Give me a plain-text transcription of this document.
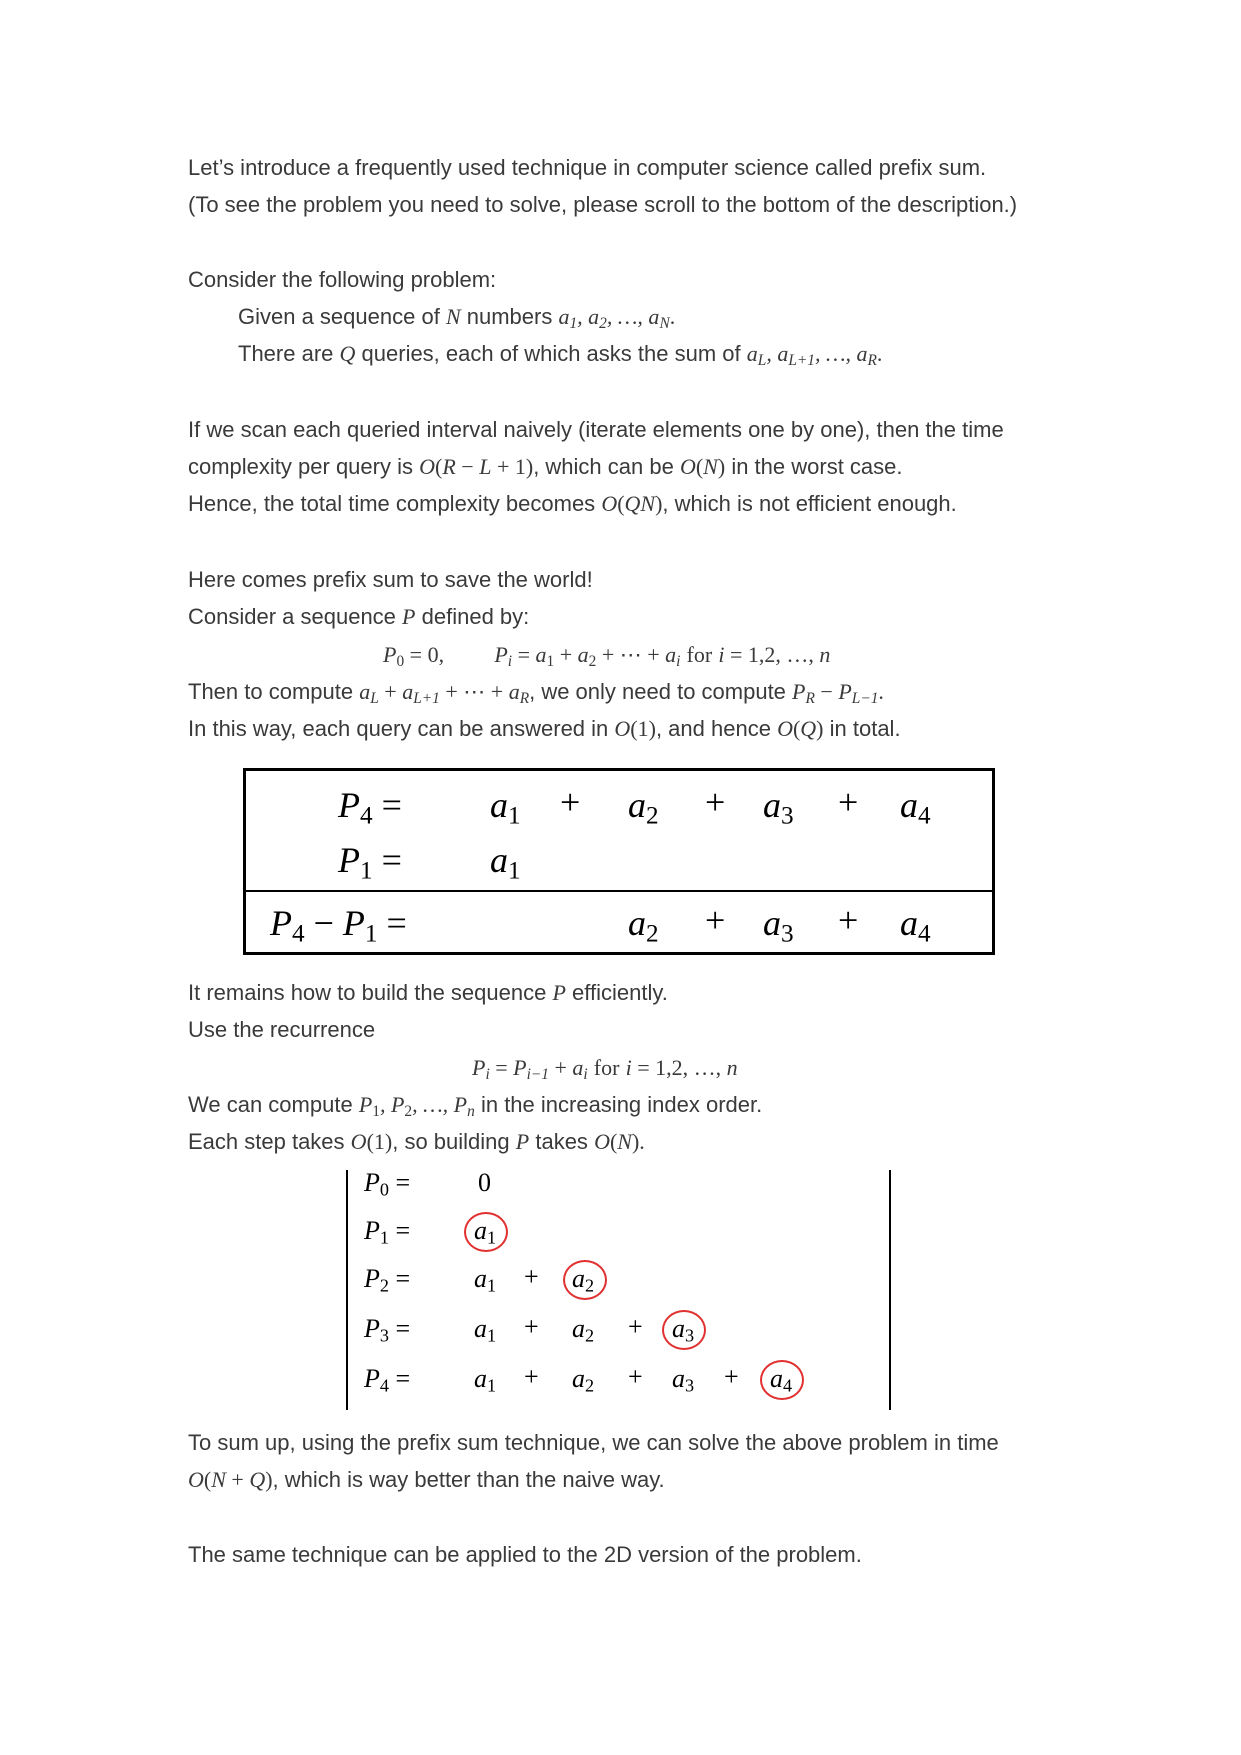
Let’s introduce a frequently used technique in computer science called prefix sum.
(To see the problem you need to solve, please scroll to the bottom of the description.)
Consider the following problem:
Given a sequence of N numbers $a_1$, $a_2$, …, $a_N$.
There are Q queries, each of which asks the sum of $a_L$, $a_{L+1}$, …, $a_R$.
If we scan each queried interval naively (iterate elements one by one), then the time
complexity per query is O(R − L + 1), which can be O(N) in the worst case.
Hence, the total time complexity becomes O(QN), which is not efficient enough.
Here comes prefix sum to save the world!
Consider a sequence P defined by:
$P_0 = 0$, $P_i = a_1 + a_2$ + ⋯ + $a_i$ for i = 1,2, …, n
Then to compute $a_L + a_{L+1}$ + ⋯ + $a_R$, we only need to compute $P_R - P_{L-1}$.
In this way, each query can be answered in O(1), and hence O(Q) in total.
$P_4 = a_1 + a_2 + a_3 + a_4$
$P_1 = a_1$
$P_4 - P_1$ =	$a_2 + a_3 + a_4$
It remains how to build the sequence P efficiently.
Use the recurrence
$P_i = P_{i-1} + a_i$ for i = 1,2, …, n
We can compute $P_1$, $P_2$, …, $P_n$ in the increasing index order.
Each step takes O(1), so building P takes O(N).
$P_0$ =	0
$P_1 = a_1$
$P_2 = a_1 + a_2$
$P_3 = a_1 + a_2 + a_3$
$P_4 = a_1 + a_2 + a_3 + a_4$
To sum up, using the prefix sum technique, we can solve the above problem in time
O(N + Q), which is way better than the naive way.
The same technique can be applied to the 2D version of the problem.
